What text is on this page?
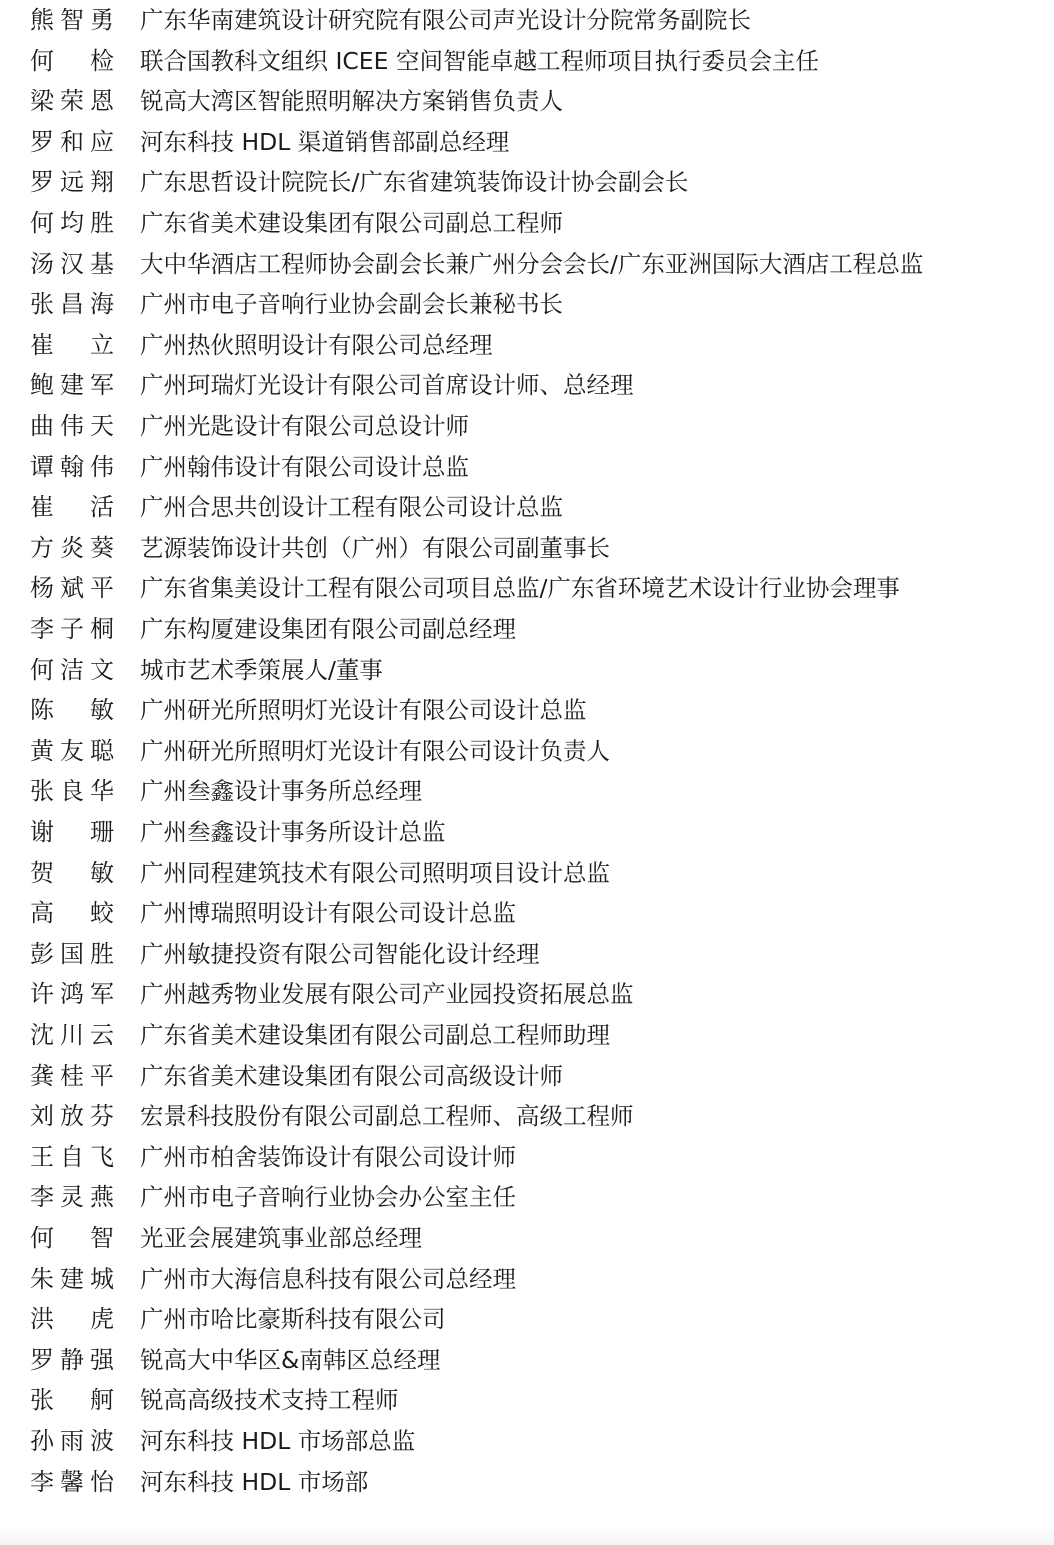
熊 智 勇 广东华南建筑设计研究院有限公司声光设计分院常务副院长
何 检 联合国教科文组织 ICEE 空间智能卓越工程师项目执行委员会主任
梁 荣 恩 锐高大湾区智能照明解决方案销售负责人
罗 和 应 河东科技 HDL 渠道销售部副总经理
罗 远 翔 广东思哲设计院院长/广东省建筑装饰设计协会副会长
何 均 胜 广东省美术建设集团有限公司副总工程师
汤 汉 基 大中华酒店工程师协会副会长兼广州分会会长/广东亚洲国际大酒店工程总监
张 昌 海 广州市电子音响行业协会副会长兼秘书长
崔 立 广州热伙照明设计有限公司总经理
鲍 建 军 广州珂瑞灯光设计有限公司首席设计师、总经理
曲 伟 天 广州光匙设计有限公司总设计师
谭 翰 伟 广州翰伟设计有限公司设计总监
崔 活 广州合思共创设计工程有限公司设计总监
方 炎 葵 艺源装饰设计共创（广州）有限公司副董事长
杨 斌 平 广东省集美设计工程有限公司项目总监/广东省环境艺术设计行业协会理事
李 子 桐 广东构厦建设集团有限公司副总经理
何 洁 文 城市艺术季策展人/董事
陈 敏 广州研光所照明灯光设计有限公司设计总监
黄 友 聪 广州研光所照明灯光设计有限公司设计负责人
张 良 华 广州叁鑫设计事务所总经理
谢 珊 广州叁鑫设计事务所设计总监
贺 敏 广州同程建筑技术有限公司照明项目设计总监
高 蛟 广州博瑞照明设计有限公司设计总监
彭 国 胜 广州敏捷投资有限公司智能化设计经理
许 鸿 军 广州越秀物业发展有限公司产业园投资拓展总监
沈 川 云 广东省美术建设集团有限公司副总工程师助理
龚 桂 平 广东省美术建设集团有限公司高级设计师
刘 放 芬 宏景科技股份有限公司副总工程师、高级工程师
王 自 飞 广州市柏舍装饰设计有限公司设计师
李 灵 燕 广州市电子音响行业协会办公室主任
何 智 光亚会展建筑事业部总经理
朱 建 城 广州市大海信息科技有限公司总经理
洪 虎 广州市哈比豪斯科技有限公司
罗 静 强 锐高大中华区&南韩区总经理
张 舸 锐高高级技术支持工程师
孙 雨 波 河东科技 HDL 市场部总监
李 馨 怡 河东科技 HDL 市场部
